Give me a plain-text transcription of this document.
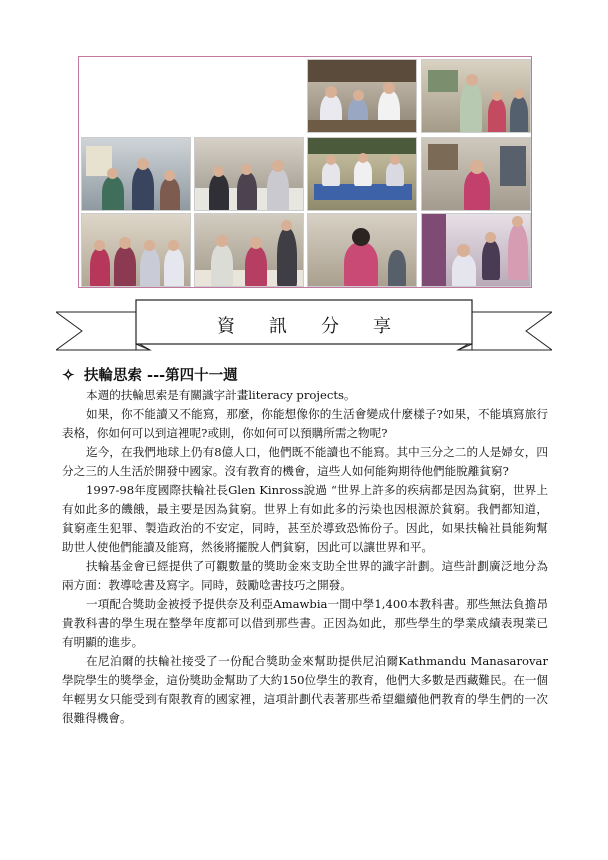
資訊分享
✧ 扶輪思索 ---第四十一週

本週的扶輪思索是有關識字計畫literacy projects。

如果，你不能讀又不能寫，那麼，你能想像你的生活會變成什麼樣子?如果，不能填寫旅行表格，你如何可以到這裡呢?或則，你如何可以預購所需之物呢?

迄今，在我們地球上仍有8億人口，他們既不能讀也不能寫。其中三分之二的人是婦女，四分之三的人生活於開發中國家。沒有教育的機會，這些人如何能夠期待他們能脫離貧窮?

1997-98年度國際扶輪社長Glen Kinross說過 “世界上許多的疾病都是因為貧窮，世界上有如此多的饑餓，最主要是因為貧窮。世界上有如此多的污染也因根源於貧窮。我們都知道，貧窮產生犯罪、製造政治的不安定，同時，甚至於導致恐怖份子。因此，如果扶輪社員能夠幫助世人使他們能讀及能寫，然後將擺脫人們貧窮，因此可以讓世界和平。

扶輪基金會已經提供了可觀數量的獎助金來支助全世界的識字計劃。這些計劃廣泛地分為兩方面：教導唸書及寫字。同時，鼓勵唸書技巧之開發。

一項配合獎助金被授予提供奈及利亞Amawbia一間中學1,400本教科書。那些無法負擔昂貴教科書的學生現在整學年度都可以借到那些書。正因為如此，那些學生的學業成績表現業已有明顯的進步。

在尼泊爾的扶輪社接受了一份配合獎助金來幫助提供尼泊爾Kathmandu Manasarovar學院學生的獎學金，這份獎助金幫助了大約150位學生的教育，他們大多數是西藏難民。在一個年輕男女只能受到有限教育的國家裡，這項計劃代表著那些希望繼續他們教育的學生們的一次很難得機會。
